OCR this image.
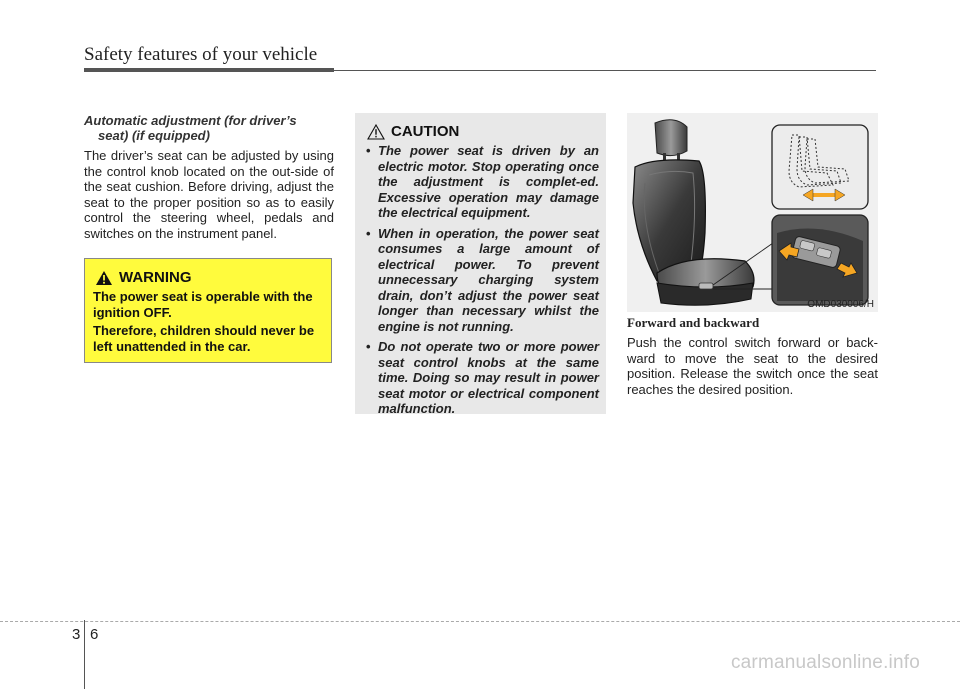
Safety features of your vehicle
Automatic adjustment (for driver’s
seat) (if equipped)

The driver’s seat can be adjusted by using the control knob located on the out-side of the seat cushion. Before driving, adjust the seat to the proper position so as to easily control the steering wheel, pedals and switches on the instrument panel.

WARNING

The power seat is operable with the ignition OFF.

Therefore, children should never be left unattended in the car.

CAUTION
• The power seat is driven by an electric motor. Stop operating once the adjustment is complet-ed. Excessive operation may damage the electrical equipment.
• When in operation, the power seat consumes a large amount of electrical power. To prevent unnecessary charging system drain, don’t adjust the power seat longer than necessary whilst the engine is not running.
• Do not operate two or more power seat control knobs at the same time. Doing so may result in power seat motor or electrical component malfunction.
OMD030006/H
Forward and backward

Push the control switch forward or back-ward to move the seat to the desired position. Release the switch once the seat reaches the desired position.

3 6
carmanualsonline.info
